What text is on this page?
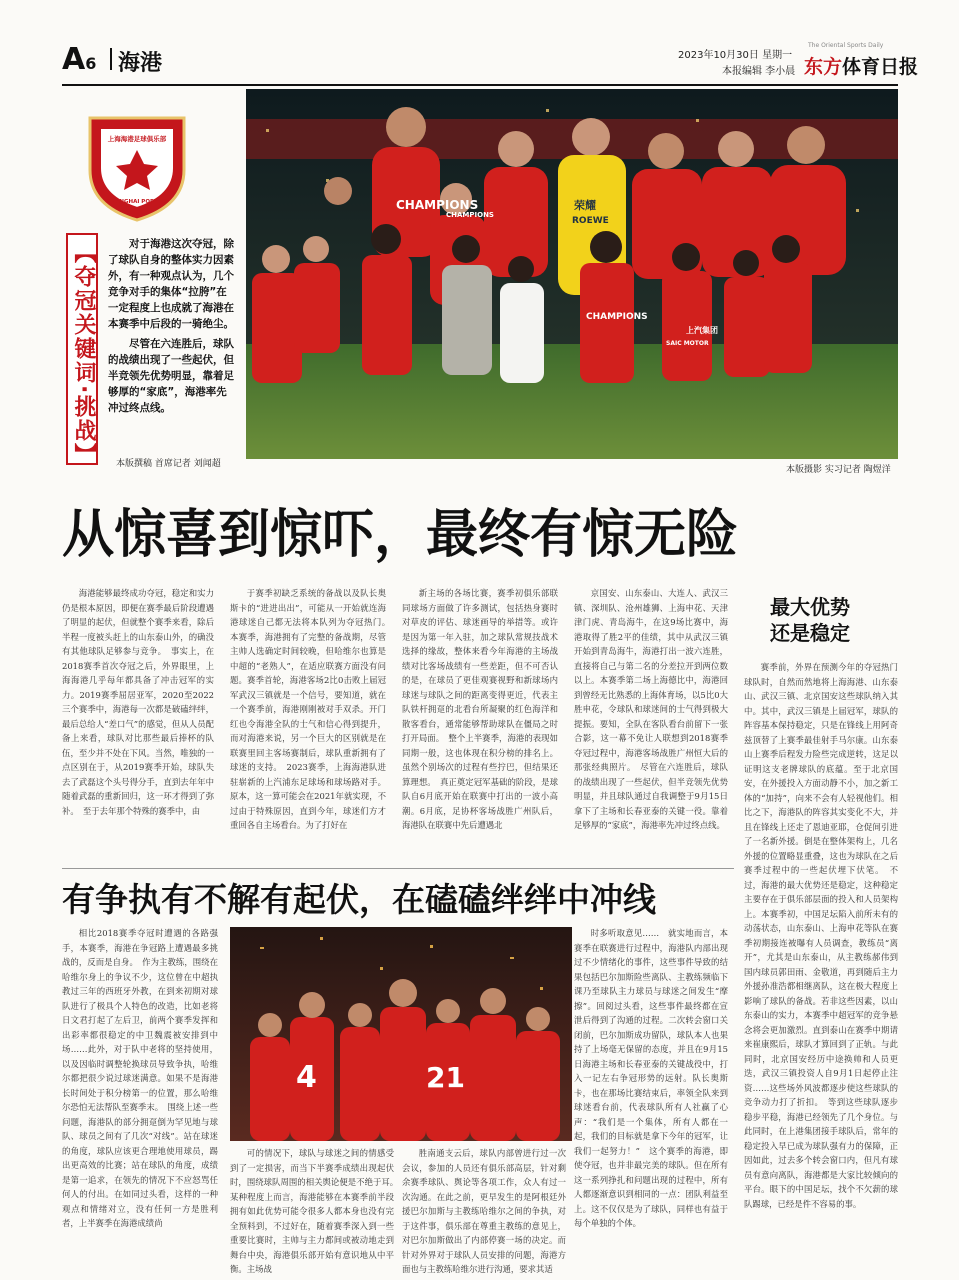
A6 海港	2023年10月30日 星期一
本报编辑 李小晨
The Oriental Sports Daily
东方体育日报
上海海港足球俱乐部
SHANGHAI PORT FC
【夺冠关键词·挑战】	对于海港这次夺冠，除了球队自身的整体实力因素外，有一种观点认为，几个竞争对手的集体“拉胯”在一定程度上也成就了海港在本赛季中后段的一骑绝尘。

尽管在六连胜后，球队的战绩出现了一些起伏，但半竞领先优势明显，靠着足够厚的“家底”，海港率先冲过终点线。

本版撰稿 首席记者 刘闻超
CHAMPIONS	荣耀
ROEWE
CHAMPIONS
上汽集团
SAIC MOTOR
CHAMPIONS
本版摄影 实习记者 陶煜洋
从惊喜到惊吓，最终有惊无险

海港能够最终成功夺冠，稳定和实力仍是根本原因，即便在赛季最后阶段遭遇了明显的起伏，但就整个赛季来看，除后半程一度被头赶上的山东泰山外，的确没有其他球队足够参与竞争。　事实上，在2018赛季首次夺冠之后，外界眼里，上海海港几乎每年都具备了冲击冠军的实力。2019赛季屈居亚军，2020至2022三个赛季中，海港每一次都是破磕绊绊，最后总给人“差口气”的感觉，但从人员配备上来看，球队对比那些最后捧杯的队伍，至少并不处在下风。当然，唯独的一点区别在于，从2019赛季开始，球队失去了武磊这个头号得分手，直到去年年中随着武磊的重新回归，这一环才得到了弥补。　至于去年那个特殊的赛季中，由

于赛季初缺乏系统的备战以及队长奥斯卡的“进进出出”，可能从一开始就连海港球迷自己都无法将本队列为夺冠热门。　本赛季，海港拥有了完整的备战期，尽管主帅人选确定时间较晚，但哈维尔也算是中超的“老熟人”，在适应联赛方面没有问题。赛季首轮，海港客场2比0击败上届冠军武汉三镇就是一个信号，要知道，就在一个赛季前，海港刚刚被对手双杀。开门红也令海港全队的士气和信心得到提升，而对海港来说，另一个巨大的区别就是在联赛里回主客场赛制后，球队重新拥有了球迷的支持。　2023赛季，上海海港队进驻崭新的上汽浦东足球场和球场路对手。原本，这一算可能会在2021年就实现，不过由于特殊原因，直到今年，球迷们方才重回各自主场看台。为了打好在

新主场的各场比赛，赛季初俱乐部联同球场方面做了许多测试，包括热身赛时对草皮的评估、球迷画导的举措等。或许是因为第一年入驻，加之球队常规技战术选择的缘故，整体来看今年海港的主场战绩对比客场战绩有一些差距，但不可否认的是，在球员了更佳观赛视野和新球场内球迷与球队之间的距离变得更近，代表主队铁杆拥趸的北看台所凝聚的红色海洋和散客看台，通常能够帮助球队在僵局之时打开局面。　整个上半赛季，海港的表现如同期一般，这也体现在积分榜的排名上。虽然个别场次的过程有些拧巴，但结果还算理想。　真正奠定冠军基础的阶段，是球队自6月底开始在联赛中打出的一波小高潮。6月底，足协杯客场战胜广州队后，海港队在联赛中先后遭遇北

京国安、山东泰山、大连人、武汉三镇、深圳队、沧州雄狮、上海申花、天津津门虎、青岛海牛，在这9场比赛中，海港取得了胜2平的佳绩，其中从武汉三镇开始到青岛海牛，海港打出一波六连胜，直接将自己与第二名的分差拉开到两位数以上。本赛季第二场上海德比中，海港回到曾经无比熟悉的上海体育场，以5比0大胜申花，令球队和球迷间的士气得到极大提振。要知，全队在客队看台前留下一张合影，这一幕不免让人联想到2018赛季夺冠过程中，海港客场战胜广州恒大后的那张经典照片。　尽管在六连胜后，球队的战绩出现了一些起伏，但半竞领先优势明显，并且球队通过自我调整于9月15日拿下了主场和长春亚泰的关键一役。靠着足够厚的“家底”，海港率先冲过终点线。

最大优势
还是稳定

赛季前，外界在预测今年的夺冠热门球队时，自然而然地将上海海港、山东泰山、武汉三镇、北京国安这些球队纳入其中。其中，武汉三镇是上届冠军，球队的阵容基本保持稳定，只是在锋线上用阿奇兹顶替了上赛季最佳射手马尔康。山东泰山上赛季后程发力险些完成逆转，这足以证明这支老牌球队的底蕴。至于北京国安，在外援投入方面动静不小，加之新工体的“加持”，向来不会有人轻视他们。相比之下，海港队的阵容其实变化不大，并且在锋线上还走了恩迪亚耶，仓促间引进了一名新外援。倒是在整体架构上，几名外援的位置略显重叠，这也为球队在之后赛季过程中的一些起伏埋下伏笔。　不过，海港的最大优势还是稳定，这种稳定主要存在于俱乐部层面的投入和人员架构上。本赛季初，中国足坛陷入前所未有的动荡状态，山东泰山、上海申花等队在赛季初期接连被曝有人员调查，教练员“离开”，尤其是山东泰山，从主教练郝伟到国内球员郭田雨、金敬道，再到随后主力外援孙准浩都相继离队，这在极大程度上影响了球队的备战。若非这些因素，以山东泰山的实力，本赛季中超冠军的竞争悬念将会更加激烈。直到泰山在赛季中期请来崔康熙后，球队才算回到了正轨。与此同时，北京国安经历中途换帅和人员更迭，武汉三镇投资人自9月1日起停止注资……这些场外风波都逐步使这些球队的竞争动力打了折扣。　等到这些球队逐步稳步平稳，海港已经领先了几个身位。与此同时，在上港集团接手球队后，常年的稳定投入早已成为球队强有力的保障，正因如此，过去多个转会窗口内，但凡有球员有意向离队，海港都是大家比较倾向的平台。眼下的中国足坛，找个不欠薪的球队踢球，已经是件不容易的事。

有争执有不解有起伏，在磕磕绊绊中冲线

相比2018赛季夺冠时遭遇的各路强手，本赛季，海港在争冠路上遭遇最多挑战的，反而是自身。　作为主教练，围绕在哈维尔身上的争议不少，这位曾在中超执教过三年的西班牙外教，在到来初期对球队进行了极具个人特色的改造，比如老将日文君打起了左后卫，前两个赛季发挥和出彩率都很稳定的中卫魏震被安排到中场……此外，对于队中老将的坚持使用，以及因临时调整轮换球员导致争执，哈维尔都把很少说过球迷满意。如果不是海港长时间处于积分榜第一的位置，那么哈维尔恐怕无法帮队至赛季末。　围绕上述一些问题，海港队的部分拥趸倒为罕见地与球队、球员之间有了几次“对线”。站在球迷的角度，球队应该更合理地使用球员，踢出更高效的比赛；站在球队的角度，成绩是第一追求，在领先的情况下不应怒骂任何人的付出。在如同过头看，这样的一种观点和情绪对立，没有任何一方是胜利者，上半赛季在海港成绩尚

4	21

可的情况下，球队与球迷之间的情感受到了一定损害，而当下半赛季成绩出现起伏时，围绕球队周围的相关舆论便是不绝于耳。　某种程度上而言，海港能够在本赛季前半段拥有如此优势可能令很多人都本身也没有完全预料到，不过好在，随着赛季深入到一些重要比赛时，主帅与主力都间或被动地走到舞台中央，海港俱乐部开始有意识地从中平衡。主场战

胜南通支云后，球队内部曾进行过一次会议，参加的人员还有俱乐部高层，针对剩余赛季球队、舆论等各项工作，众人有过一次沟通。在此之前，更早发生的是阿根廷外援巴尔加斯与主教练哈维尔之间的争执，对于这件事，俱乐部在尊重主教练的意见上，对巴尔加斯做出了内部停赛一场的决定。而针对外界对于球队人员安排的问题，海港方面也与主教练哈维尔进行沟通，要求其适

时多听取意见……　就实地而言，本赛季在联赛进行过程中，海港队内部出现过不少情绪化的事件，这些事件导致的结果包括巴尔加斯险些离队、主教练频临下课乃至球队主力球员与球迷之间发生“摩擦”。回阅过头看，这些事件最终都在宣泄后得到了沟通的过程。二次转会窗口关闭前，巴尔加斯成功留队，球队本人也果持了上场毫无保留的态度，并且在9月15日海港主场和长春亚泰的关键战役中，打入一记左右争冠形势的远射。队长奥斯卡，也在那场比赛结束后，率领全队来到球迷看台前，代表球队所有人社赢了心声：“我们是一个集体，所有人都在一起，我们的目标就是拿下今年的冠军，让我们一起努力！”　这个赛季的海港，即使夺冠，也并非最完美的球队。但在所有这一系列挣扎和问题出现的过程中，所有人都逐渐意识到相同的一点：团队利益至上。这不仅仅是为了球队，同样也有益于每个单独的个体。
